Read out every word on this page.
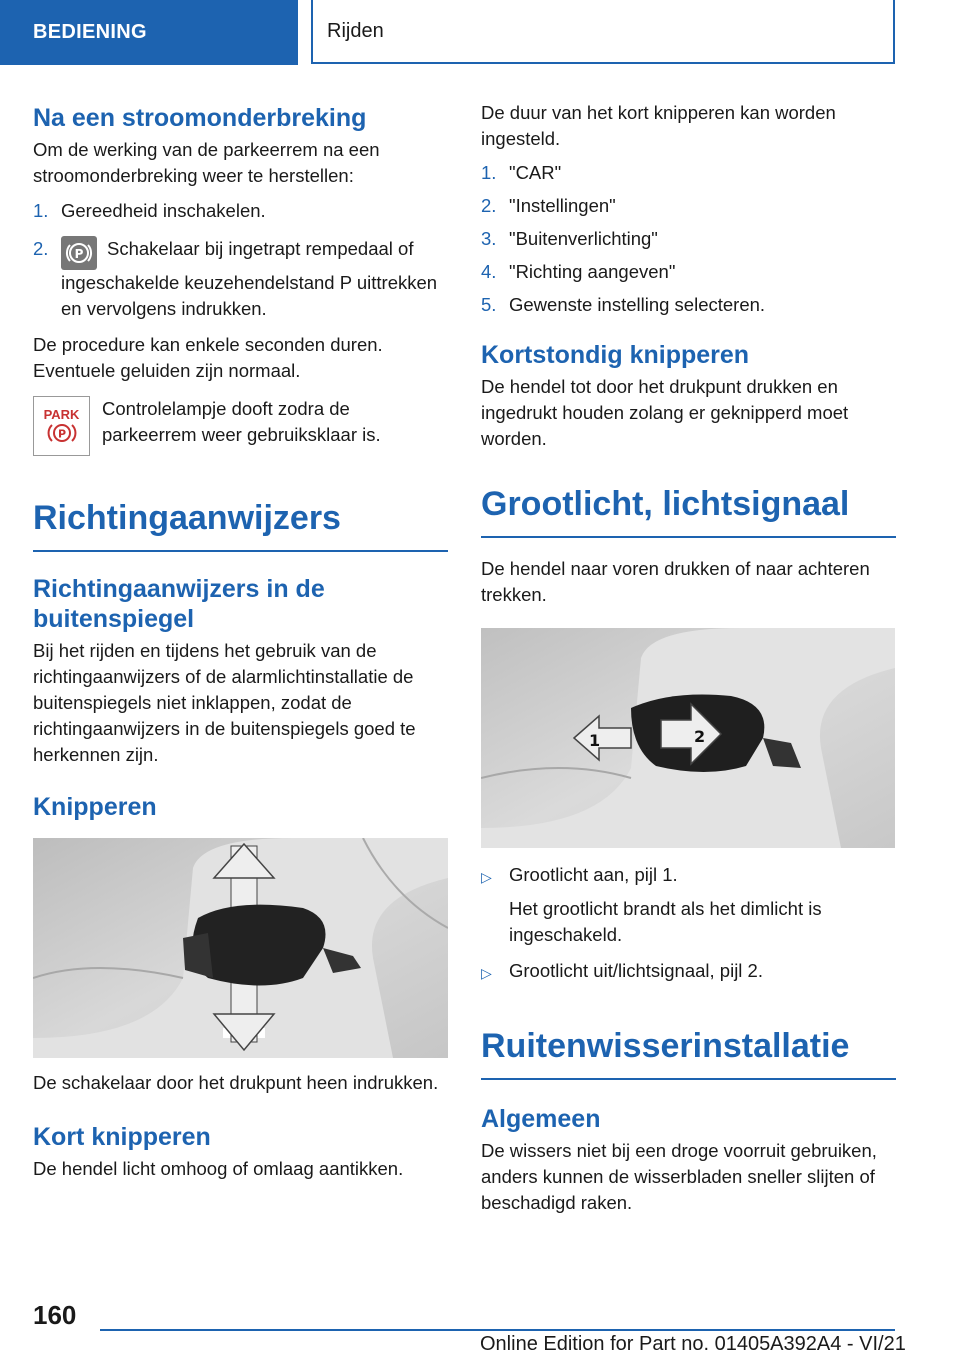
BEDIENING	Rijden
Na een stroomonderbreking

Om de werking van de parkeerrem na een stroomonderbreking weer te herstellen:

1. Gereedheid inschakelen.
2.	P Schakelaar bij ingetrapt rempedaal of ingeschakelde keuzehendelstand P uittrekken en vervolgens indrukken.

De procedure kan enkele seconden duren. Eventuele geluiden zijn normaal.

PARK
P

Controlelampje dooft zodra de parkeerrem weer gebruiksklaar is.

Richtingaanwijzers
Richtingaanwijzers in de buitenspiegel

Bij het rijden en tijdens het gebruik van de richtingaanwijzers of de alarmlichtinstallatie de buitenspiegels niet inklappen, zodat de richtingaanwijzers in de buitenspiegels goed te herkennen zijn.

Knipperen

De schakelaar door het drukpunt heen indrukken.

Kort knipperen

De hendel licht omhoog of omlaag aantikken.

De duur van het kort knipperen kan worden ingesteld.

1. "CAR"
2. "Instellingen"
3. "Buitenverlichting"
4. "Richting aangeven"
5. Gewenste instelling selecteren.
Kortstondig knipperen

De hendel tot door het drukpunt drukken en ingedrukt houden zolang er geknipperd moet worden.

Grootlicht, lichtsignaal

De hendel naar voren drukken of naar achteren trekken.

1	2
▷ Grootlicht aan, pijl 1.
Het grootlicht brandt als het dimlicht is ingeschakeld.
▷ Grootlicht uit/lichtsignaal, pijl 2.
Ruitenwisserinstallatie
Algemeen

De wissers niet bij een droge voorruit gebruiken, anders kunnen de wisserbladen sneller slijten of beschadigd raken.

160
Online Edition for Part no. 01405A392A4 - VI/21
